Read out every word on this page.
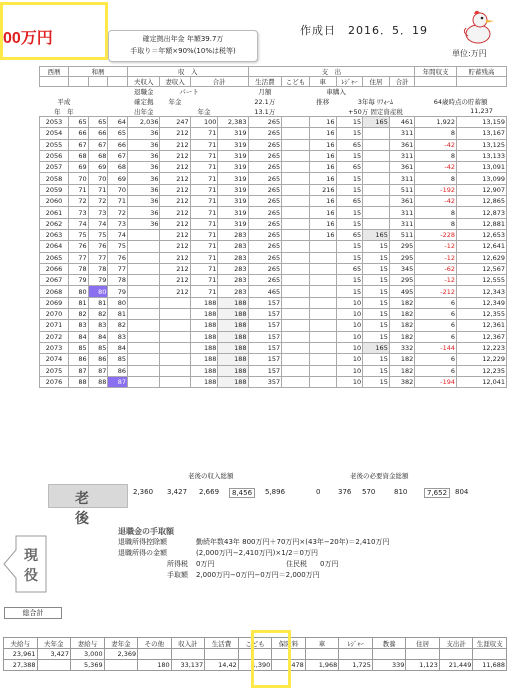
00万円	確定拠出年金 年額39.7万
手取り＝年額×90%(10%は税等)
作成日　2016．5．19
単位:万円
西暦	和暦			収　入				支　出						年間収支	貯蓄残高
				夫収入	妻収入	合計		生活費	こども	車	ﾚｼﾞｬｰ	住居	合計		
				退職金	パート			月額		車購入					
平成				確定拠	年金			22.1万		推移	3年毎 ﾘﾌｫｰﾑ			64歳時点の貯蓄額	
年　年				出年金		年金		13.1万			+50万 固定資産税				11,237
2053	65	65	64	2,036	247	100	2,383	265		16	15	165	461	1,922	13,159
2054	66	66	65	36	212	71	319	265		16	15		311	8	13,167
2055	67	67	66	36	212	71	319	265		16	65		361	-42	13,125
2056	68	68	67	36	212	71	319	265		16	15		311	8	13,133
2057	69	69	68	36	212	71	319	265		16	65		361	-42	13,091
2058	70	70	69	36	212	71	319	265		16	15		311	8	13,099
2059	71	71	70	36	212	71	319	265		216	15		511	-192	12,907
2060	72	72	71	36	212	71	319	265		16	65		361	-42	12,865
2061	73	73	72	36	212	71	319	265		16	15		311	8	12,873
2062	74	74	73	36	212	71	319	265		16	15		311	8	12,881
2063	75	75	74		212	71	283	265		16	65	165	511	-228	12,653
2064	76	76	75		212	71	283	265			15	15	295	-12	12,641
2065	77	77	76		212	71	283	265			15	15	295	-12	12,629
2066	78	78	77		212	71	283	265			65	15	345	-62	12,567
2067	79	79	78		212	71	283	265			15	15	295	-12	12,555
2068	80	80	79		212	71	283	465			15	15	495	-212	12,343
2069	81	81	80			188	188	157			10	15	182	6	12,349
2070	82	82	81			188	188	157			10	15	182	6	12,355
2071	83	83	82			188	188	157			10	15	182	6	12,361
2072	84	84	83			188	188	157			10	15	182	6	12,367
2073	85	85	84			188	188	157			10	165	332	-144	12,223
2074	86	86	85			188	188	157			10	15	182	6	12,229
2075	87	87	86			188	188	157			10	15	182	6	12,235
2076	88	88	87			188	188	357			10	15	382	-194	12,041
老　後
老後の収入総額	老後の必要資金総額
2,360 3,427 2,669	8,456	5,896	0	376 570	810	7,652	804
現
役
退職金の手取額
退職所得控除額	勤続年数43年 800万円＋70万円×(43年−20年)＝2,410万円
退職所得の金額	(2,000万円−2,410万円)×1/2＝0万円
所得税 0万円	住民税 0万円
手取額 2,000万円−0万円−0万円＝2,000万円
総合計
夫給与	夫年金	妻給与	妻年金	その他	収入計	生活費	こども	保険料	車	ﾚｼﾞｬｰ	教養	住居	支出計	生涯収支
23,961	3,427	3,000	2,369											
27,388		5,369		180	33,137	14,42	1,390	478	1,968	1,725	339	1,123	21,449	11,688
